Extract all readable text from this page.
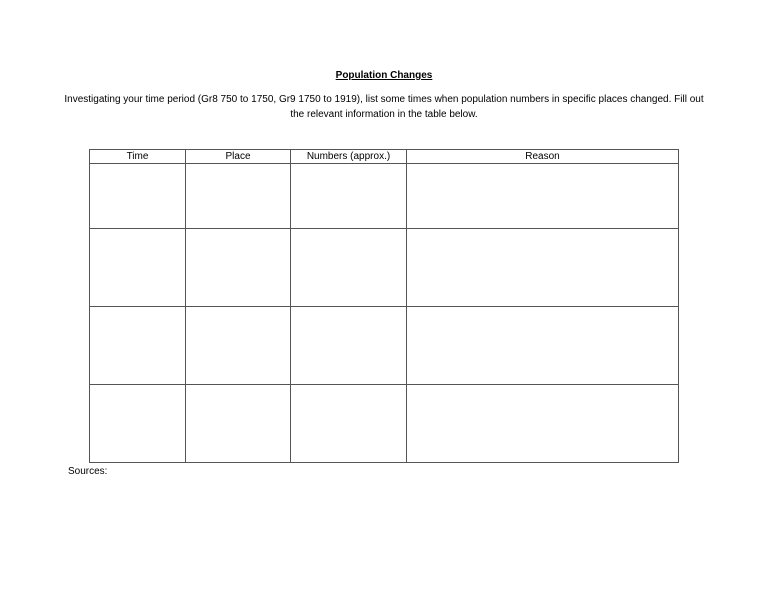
Population Changes
Investigating your time period (Gr8 750 to 1750, Gr9 1750 to 1919), list some times when population numbers in specific places changed. Fill out the relevant information in the table below.
Time	Place	Numbers (approx.)	Reason

Sources:
